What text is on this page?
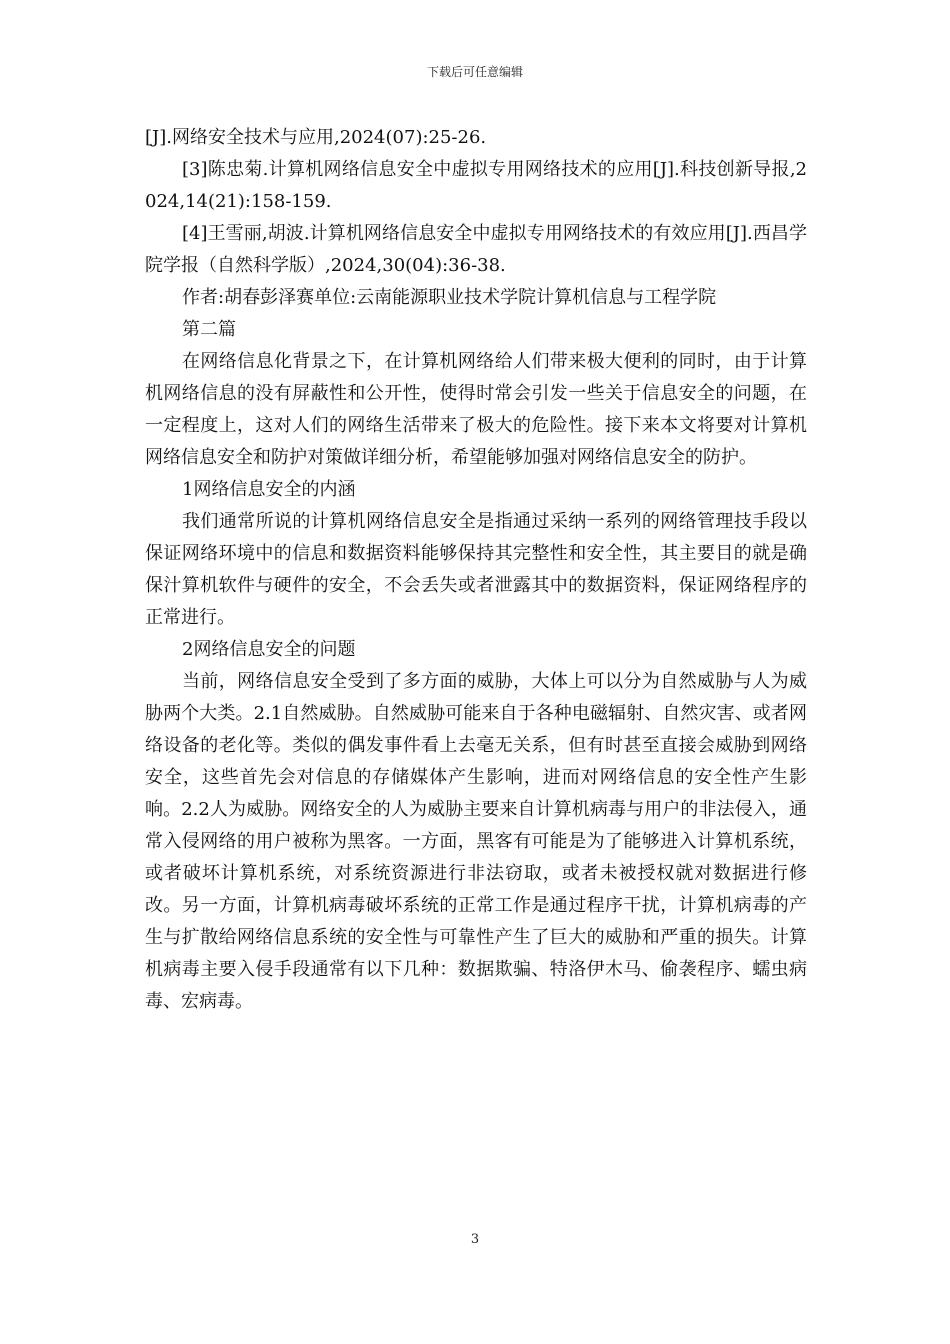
下载后可任意编辑

[J].网络安全技术与应用,2024(07):25-26.

[3]陈忠菊.计算机网络信息安全中虚拟专用网络技术的应用[J].科技创新导报,2024,14(21):158-159.

[4]王雪丽,胡波.计算机网络信息安全中虚拟专用网络技术的有效应用[J].西昌学院学报（自然科学版）,2024,30(04):36-38.

作者:胡春彭泽赛单位:云南能源职业技术学院计算机信息与工程学院

第二篇

在网络信息化背景之下，在计算机网络给人们带来极大便利的同时，由于计算机网络信息的没有屏蔽性和公开性，使得时常会引发一些关于信息安全的问题，在一定程度上，这对人们的网络生活带来了极大的危险性。接下来本文将要对计算机网络信息安全和防护对策做详细分析，希望能够加强对网络信息安全的防护。

1网络信息安全的内涵

我们通常所说的计算机网络信息安全是指通过采纳一系列的网络管理技手段以保证网络环境中的信息和数据资料能够保持其完整性和安全性，其主要目的就是确保汁算机软件与硬件的安全，不会丢失或者泄露其中的数据资料，保证网络程序的正常进行。

2网络信息安全的问题

当前，网络信息安全受到了多方面的威胁，大体上可以分为自然威胁与人为威胁两个大类。2.1自然威胁。自然威胁可能来自于各种电磁辐射、自然灾害、或者网络设备的老化等。类似的偶发事件看上去毫无关系，但有时甚至直接会威胁到网络安全，这些首先会对信息的存储媒体产生影响，进而对网络信息的安全性产生影响。2.2人为威胁。网络安全的人为威胁主要来自计算机病毒与用户的非法侵入，通常入侵网络的用户被称为黑客。一方面，黑客有可能是为了能够进入计算机系统，或者破坏计算机系统，对系统资源进行非法窃取，或者未被授权就对数据进行修改。另一方面，计算机病毒破坏系统的正常工作是通过程序干扰，计算机病毒的产生与扩散给网络信息系统的安全性与可靠性产生了巨大的威胁和严重的损失。计算机病毒主要入侵手段通常有以下几种：数据欺骗、特洛伊木马、偷袭程序、蠕虫病毒、宏病毒。

3
